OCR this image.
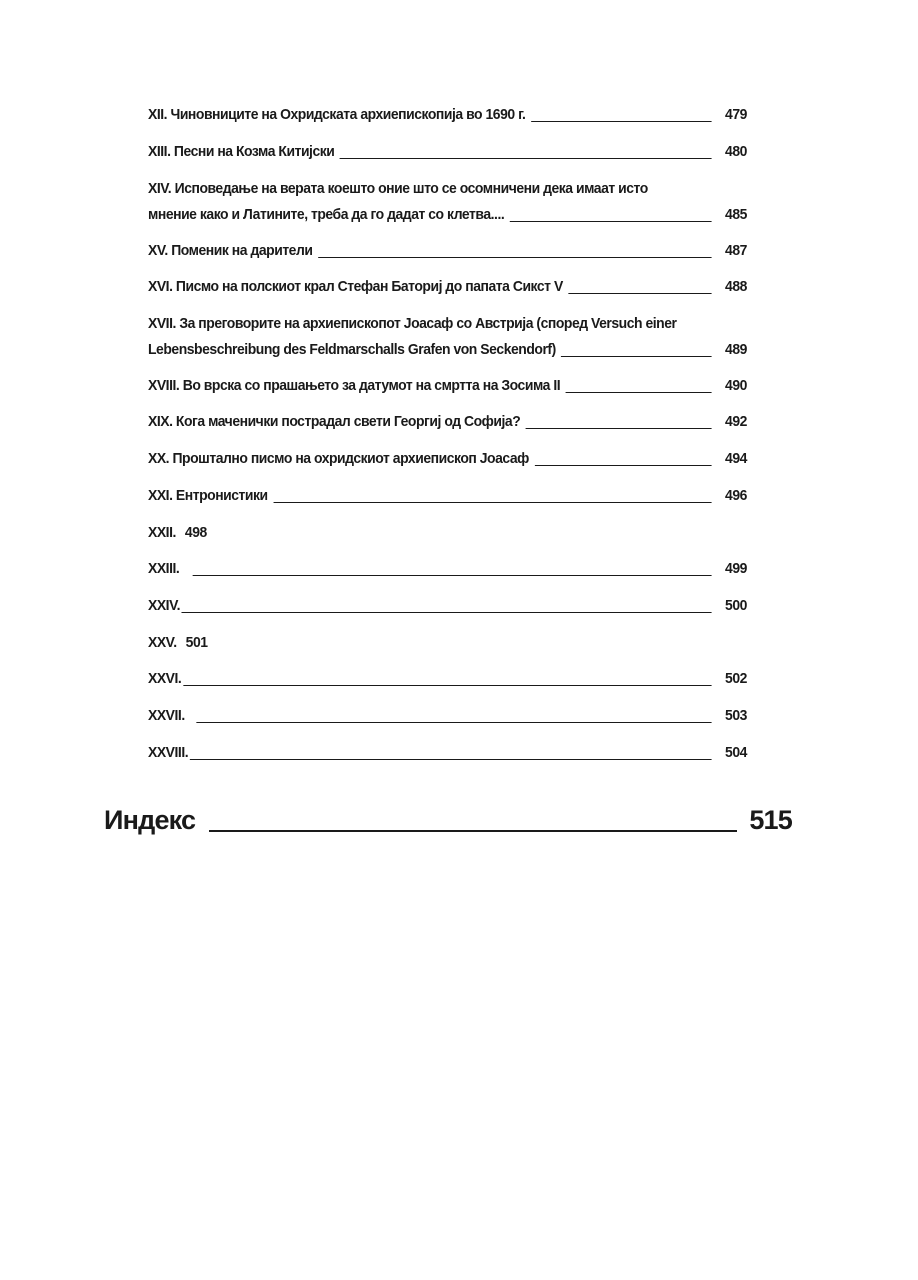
XII. Чиновниците на Охридската архиепископија во 1690 г.	479
XIII. Песни на Козма Китијски	480
XIV. Исповедање на верата коешто оние што се осомничени дека имаат исто
мнение како и Латините, треба да го дадат со клетва....	485
XV. Помeник на дарители	487
XVI. Писмо на полскиот крал Стефан Баториј до папата Сикст V	488
XVII. За преговорите на архиепископот Јоасаф со Австрија (според Versuch einer
Lebensbeschreibung des Feldmarschalls Grafen von Seckendorf)	489
XVIII. Во врска со прашањето за датумот на смртта на Зосима II	490
XIX. Кога маченички пострадал свети Георгиј од Софија?	492
XX. Прошталнo писмо на охридскиот архиепископ Јоасаф	494
XXI. Ентронистики	496
XXII. 498
XXIII.	499
XXIV.	500
XXV. 501
XXVI.	502
XXVII.	503
XXVIII.	504
Индекс	515
